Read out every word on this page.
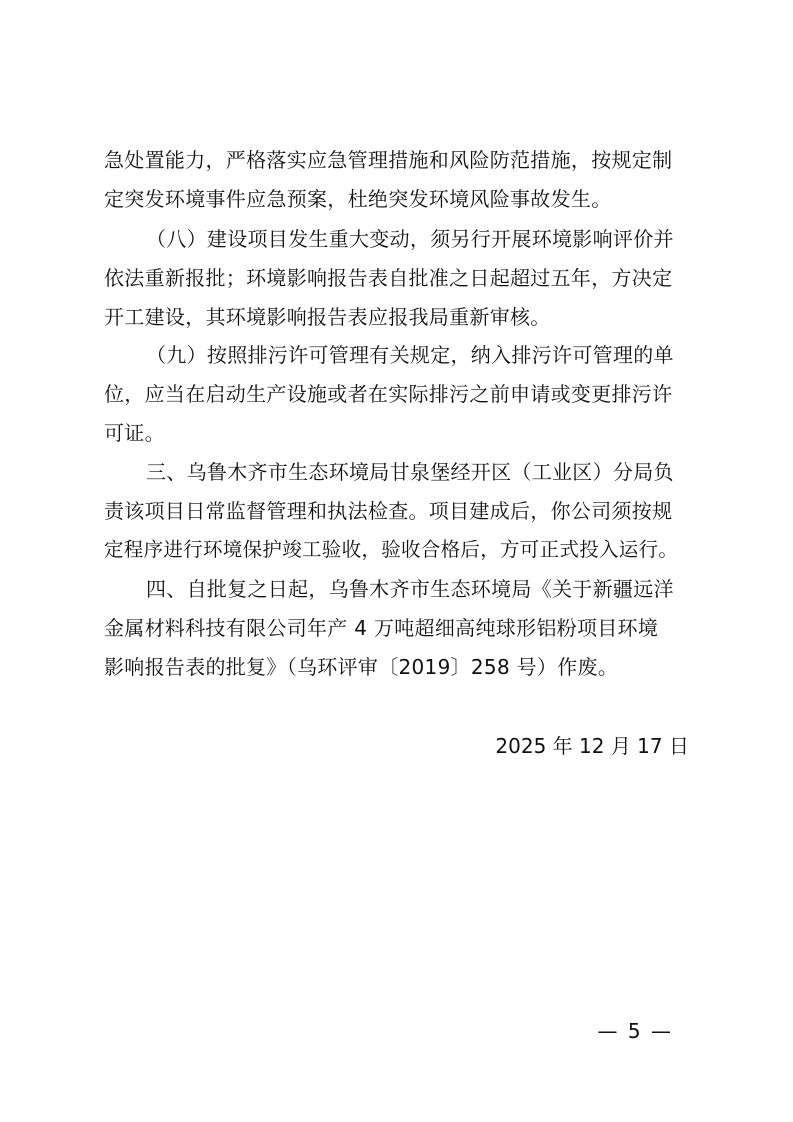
急处置能力，严格落实应急管理措施和风险防范措施，按规定制
定突发环境事件应急预案，杜绝突发环境风险事故发生。
（八）建设项目发生重大变动，须另行开展环境影响评价并
依法重新报批；环境影响报告表自批准之日起超过五年，方决定
开工建设，其环境影响报告表应报我局重新审核。
（九）按照排污许可管理有关规定，纳入排污许可管理的单
位，应当在启动生产设施或者在实际排污之前申请或变更排污许
可证。
三、乌鲁木齐市生态环境局甘泉堡经开区（工业区）分局负
责该项目日常监督管理和执法检查。项目建成后，你公司须按规
定程序进行环境保护竣工验收，验收合格后，方可正式投入运行。
四、自批复之日起，乌鲁木齐市生态环境局《关于新疆远洋
金属材料科技有限公司年产 4 万吨超细高纯球形铝粉项目环境
影响报告表的批复》（乌环评审〔2019〕258 号）作废。
2025 年 12 月 17 日
— 5 —
